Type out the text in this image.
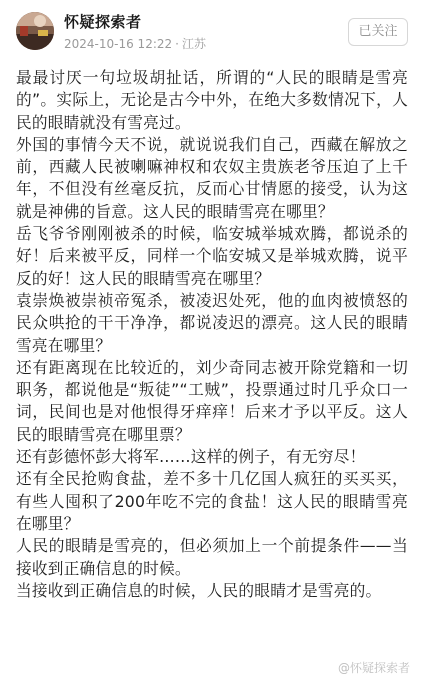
怀疑探索者
2024-10-16 12:22 · 江苏
已关注

最最讨厌一句垃圾胡扯话，所谓的“人民的眼睛是雪亮的”。实际上，无论是古今中外，在绝大多数情况下，人民的眼睛就没有雪亮过。

外国的事情今天不说，就说说我们自己，西藏在解放之前，西藏人民被喇嘛神权和农奴主贵族老爷压迫了上千年，不但没有丝毫反抗，反而心甘情愿的接受，认为这就是神佛的旨意。这人民的眼睛雪亮在哪里？

岳飞爷爷刚刚被杀的时候，临安城举城欢腾，都说杀的好！后来被平反，同样一个临安城又是举城欢腾，说平反的好！这人民的眼睛雪亮在哪里？

袁崇焕被崇祯帝冤杀，被凌迟处死，他的血肉被愤怒的民众哄抢的干干净净，都说凌迟的漂亮。这人民的眼睛雪亮在哪里？

还有距离现在比较近的，刘少奇同志被开除党籍和一切职务，都说他是“叛徒”“工贼”，投票通过时几乎众口一词，民间也是对他恨得牙痒痒！后来才予以平反。这人民的眼睛雪亮在哪里票？

还有彭德怀彭大将军……这样的例子，有无穷尽！

还有全民抢购食盐，差不多十几亿国人疯狂的买买买，有些人囤积了200年吃不完的食盐！这人民的眼睛雪亮在哪里？

人民的眼睛是雪亮的，但必须加上一个前提条件——当接收到正确信息的时候。

当接收到正确信息的时候，人民的眼睛才是雪亮的。

@怀疑探索者
